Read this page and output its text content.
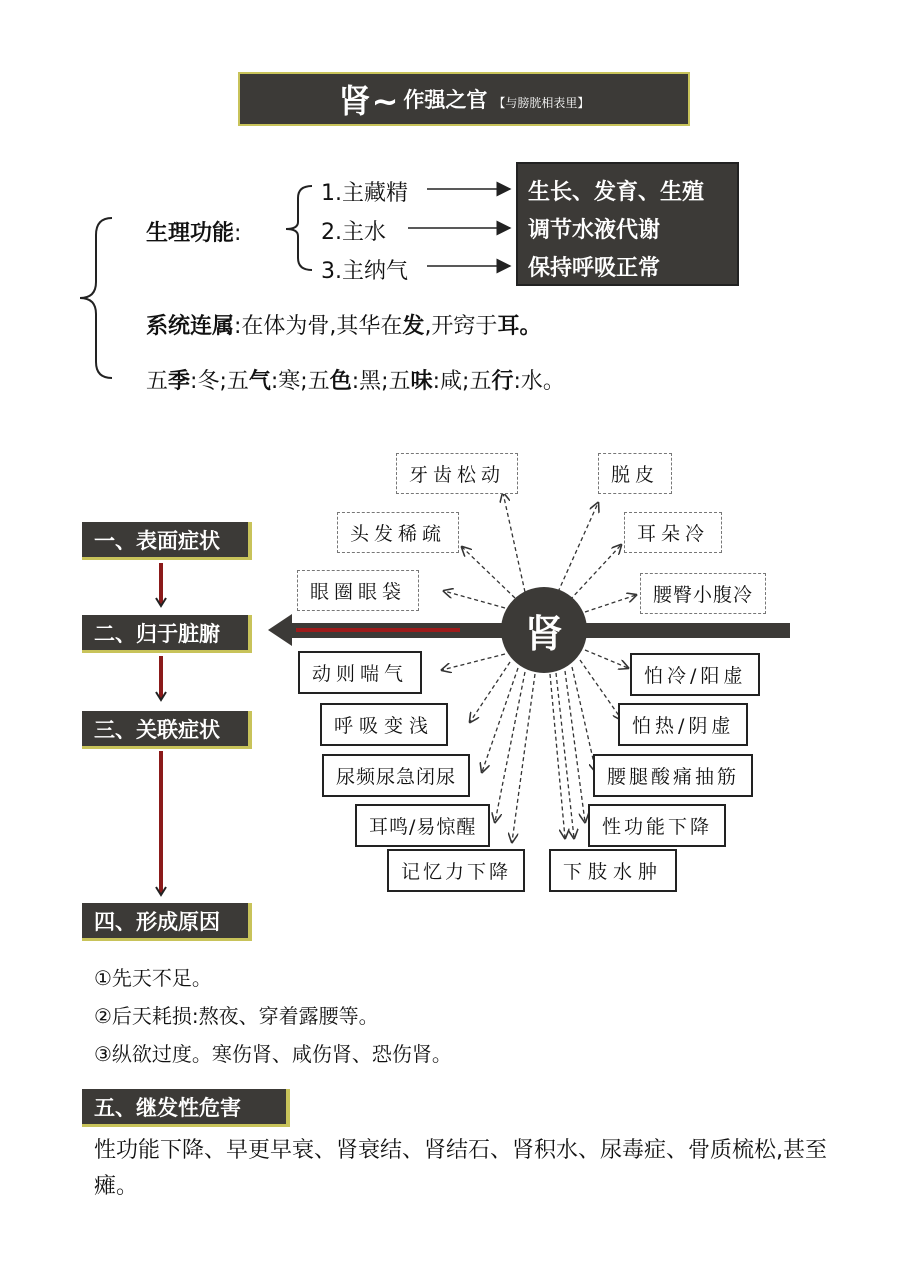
肾~ 作强之官 【与膀胱相表里】
生理功能:
1.主藏精
2.主水
3.主纳气
生长、发育、生殖
调节水液代谢
保持呼吸正常
系统连属:在体为骨,其华在发,开窍于耳。
五季:冬;五气:寒;五色:黑;五味:咸;五行:水。
一、表面症状
二、归于脏腑
三、关联症状
四、形成原因
五、继发性危害
肾
牙齿松动	脱皮
头发稀疏	耳朵冷
眼圈眼袋	腰臀小腹冷
动则喘气
呼吸变浅
尿频尿急闭尿
耳鸣/易惊醒
记忆力下降
怕冷/阳虚
怕热/阴虚
腰腿酸痛抽筋
性功能下降
下肢水肿
①先天不足。
②后天耗损:熬夜、穿着露腰等。
③纵欲过度。寒伤肾、咸伤肾、恐伤肾。
性功能下降、早更早衰、肾衰结、肾结石、肾积水、尿毒症、骨质梳松,甚至瘫。
